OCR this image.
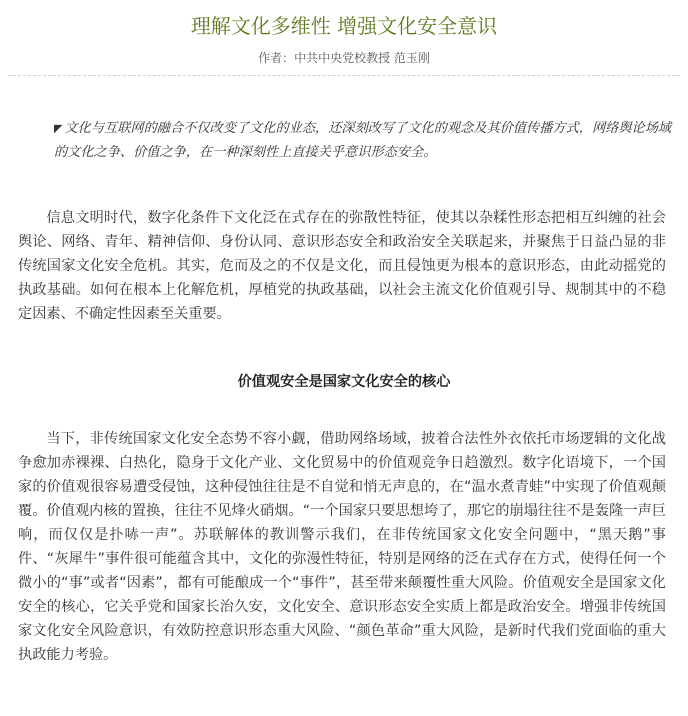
理解文化多维性 增强文化安全意识
作者：中共中央党校教授 范玉刚

◤ 文化与互联网的融合不仅改变了文化的业态，还深刻改写了文化的观念及其价值传播方式，网络舆论场域的文化之争、价值之争，在一种深刻性上直接关乎意识形态安全。

信息文明时代，数字化条件下文化泛在式存在的弥散性特征，使其以杂糅性形态把相互纠缠的社会舆论、网络、青年、精神信仰、身份认同、意识形态安全和政治安全关联起来，并聚焦于日益凸显的非传统国家文化安全危机。其实，危而及之的不仅是文化，而且侵蚀更为根本的意识形态，由此动摇党的执政基础。如何在根本上化解危机，厚植党的执政基础，以社会主流文化价值观引导、规制其中的不稳定因素、不确定性因素至关重要。

价值观安全是国家文化安全的核心

当下，非传统国家文化安全态势不容小觑，借助网络场域，披着合法性外衣依托市场逻辑的文化战争愈加赤裸裸、白热化，隐身于文化产业、文化贸易中的价值观竞争日趋激烈。数字化语境下，一个国家的价值观很容易遭受侵蚀，这种侵蚀往往是不自觉和悄无声息的，在“温水煮青蛙”中实现了价值观颠覆。价值观内核的置换，往往不见烽火硝烟。“一个国家只要思想垮了，那它的崩塌往往不是轰隆一声巨响，而仅仅是扑哧一声”。苏联解体的教训警示我们，在非传统国家文化安全问题中，“黑天鹅”事件、“灰犀牛”事件很可能蕴含其中，文化的弥漫性特征，特别是网络的泛在式存在方式，使得任何一个微小的“事”或者“因素”，都有可能酿成一个“事件”，甚至带来颠覆性重大风险。价值观安全是国家文化安全的核心，它关乎党和国家长治久安，文化安全、意识形态安全实质上都是政治安全。增强非传统国家文化安全风险意识，有效防控意识形态重大风险、“颜色革命”重大风险，是新时代我们党面临的重大执政能力考验。
